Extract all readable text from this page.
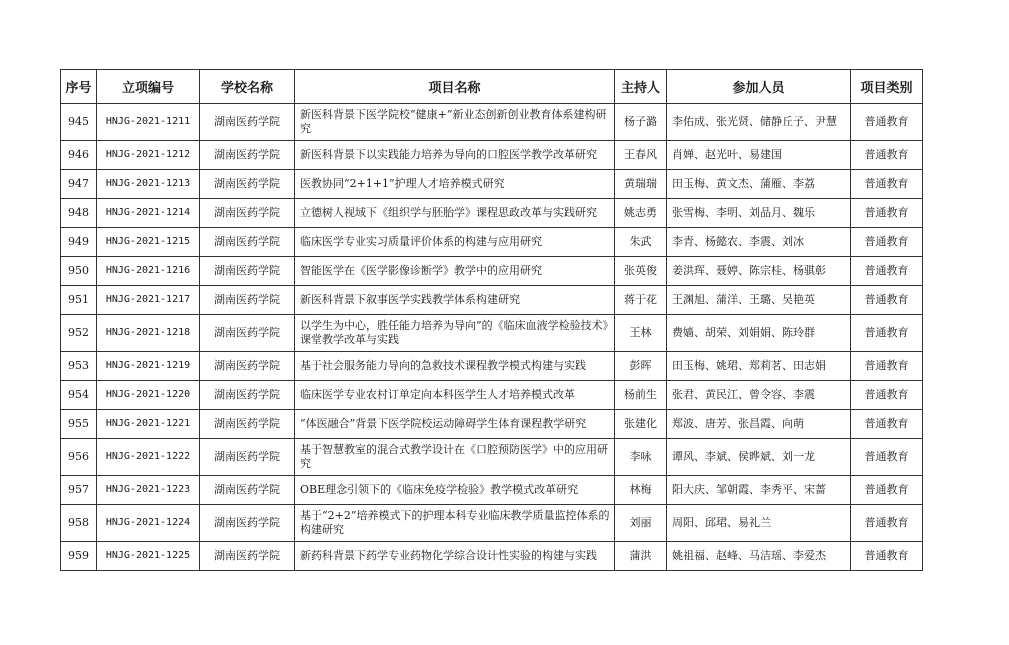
序号	立项编号	学校名称	项目名称	主持人	参加人员	项目类别
945	HNJG-2021-1211	湖南医药学院	新医科背景下医学院校“健康+”新业态创新创业教育体系建构研究	杨子潞	李佑成、张光贤、储静丘子、尹慧	普通教育
946	HNJG-2021-1212	湖南医药学院	新医科背景下以实践能力培养为导向的口腔医学教学改革研究	王春风	肖婵、赵光叶、易建国	普通教育
947	HNJG-2021-1213	湖南医药学院	医教协同“2+1+1”护理人才培养模式研究	黄瑞瑞	田玉梅、黄文杰、蒲雁、李荔	普通教育
948	HNJG-2021-1214	湖南医药学院	立德树人视域下《组织学与胚胎学》课程思政改革与实践研究	姚志勇	张雪梅、李明、刘品月、魏乐	普通教育
949	HNJG-2021-1215	湖南医药学院	临床医学专业实习质量评价体系的构建与应用研究	朱武	李青、杨懿农、李震、刘冰	普通教育
950	HNJG-2021-1216	湖南医药学院	智能医学在《医学影像诊断学》教学中的应用研究	张英俊	姜洪珲、聂婷、陈宗桂、杨骐彰	普通教育
951	HNJG-2021-1217	湖南医药学院	新医科背景下叙事医学实践教学体系构建研究	蒋于花	王渊旭、蒲洋、王璐、吴艳英	普通教育
952	HNJG-2021-1218	湖南医药学院	以学生为中心，胜任能力培养为导向”的《临床血液学检验技术》课堂教学改革与实践	王林	费嫱、胡荣、刘娟娟、陈玲群	普通教育
953	HNJG-2021-1219	湖南医药学院	基于社会服务能力导向的急救技术课程教学模式构建与实践	彭晖	田玉梅、姚珺、郑莉茗、田志娟	普通教育
954	HNJG-2021-1220	湖南医药学院	临床医学专业农村订单定向本科医学生人才培养模式改革	杨前生	张君、黄民江、曾令容、李震	普通教育
955	HNJG-2021-1221	湖南医药学院	“体医融合”背景下医学院校运动障碍学生体育课程教学研究	张建化	郑波、唐芳、张昌霞、向萌	普通教育
956	HNJG-2021-1222	湖南医药学院	基于智慧教室的混合式教学设计在《口腔预防医学》中的应用研究	李咏	谭风、李斌、侯晔斌、刘一龙	普通教育
957	HNJG-2021-1223	湖南医药学院	OBE理念引领下的《临床免疫学检验》教学模式改革研究	林梅	阳大庆、邹朝霞、李秀平、宋蔷	普通教育
958	HNJG-2021-1224	湖南医药学院	基于“2+2”培养模式下的护理本科专业临床教学质量监控体系的构建研究	刘丽	周阳、邱珺、易礼兰	普通教育
959	HNJG-2021-1225	湖南医药学院	新药科背景下药学专业药物化学综合设计性实验的构建与实践	蒲洪	姚祖福、赵峰、马洁瑶、李爱杰	普通教育
